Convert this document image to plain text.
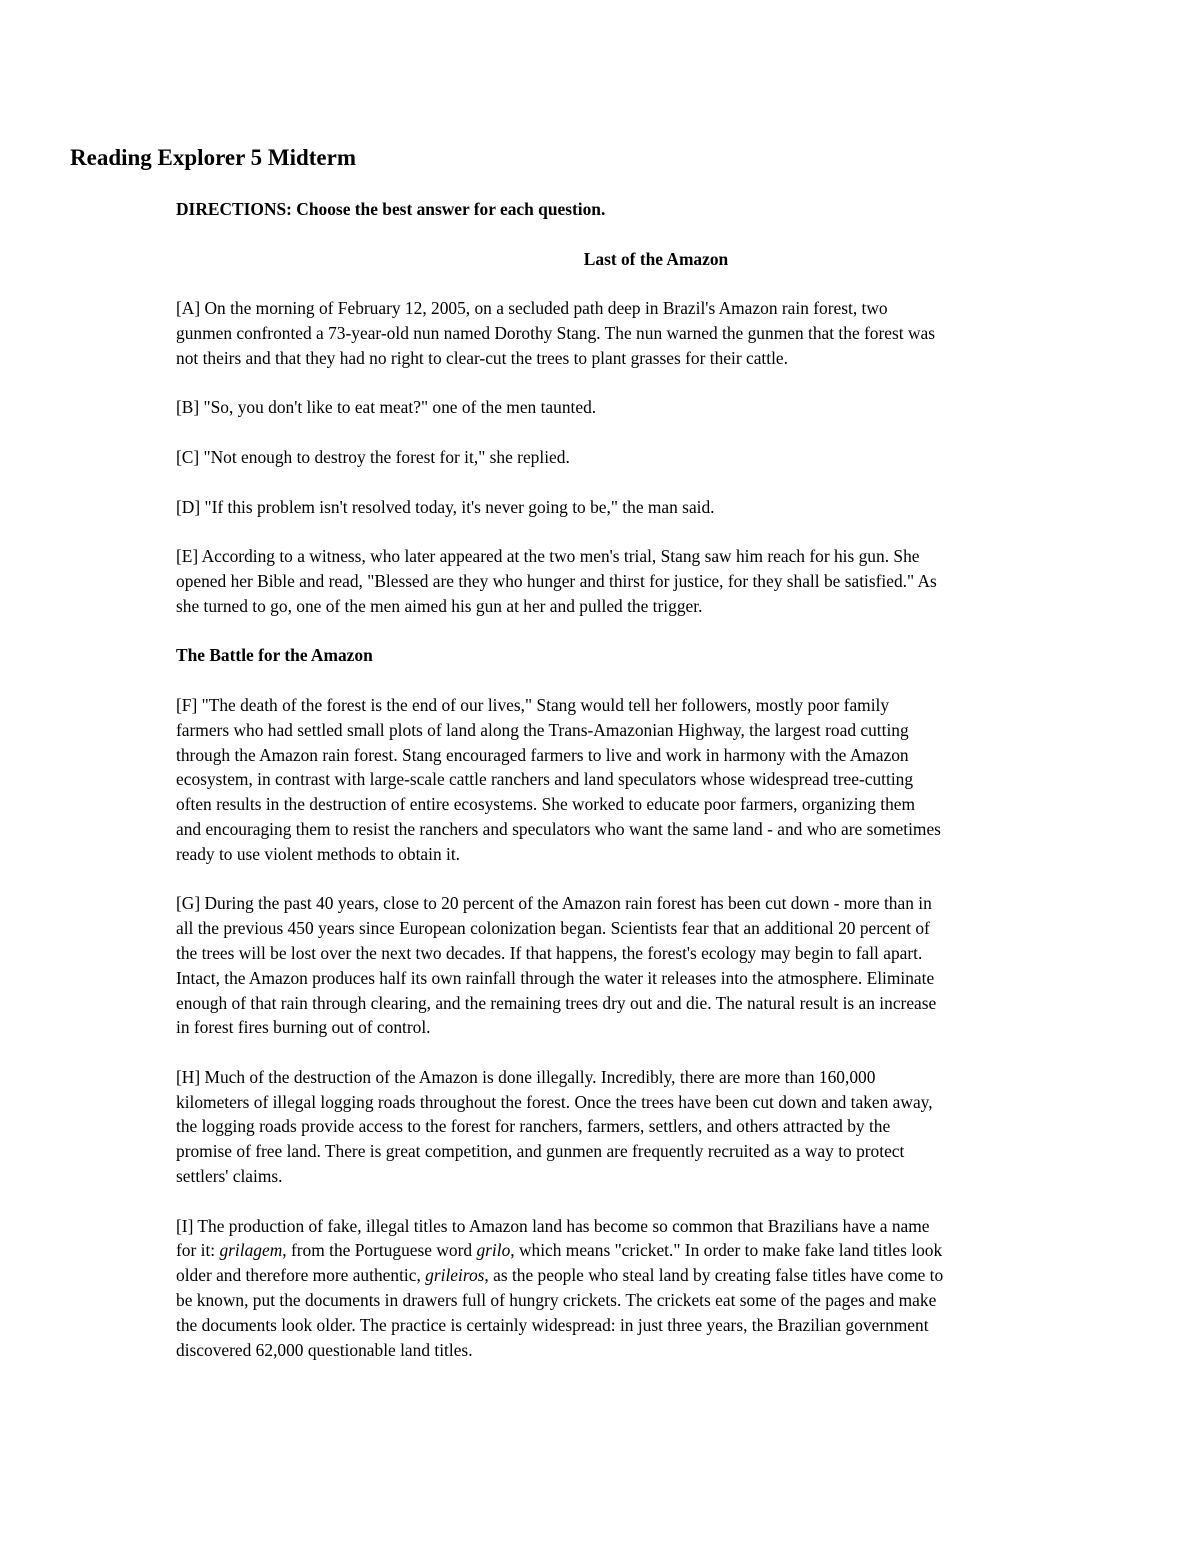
Reading Explorer 5 Midterm

DIRECTIONS: Choose the best answer for each question.

Last of the Amazon

[A] On the morning of February 12, 2005, on a secluded path deep in Brazil's Amazon rain forest, two
gunmen confronted a 73-year-old nun named Dorothy Stang. The nun warned the gunmen that the forest was
not theirs and that they had no right to clear-cut the trees to plant grasses for their cattle.

[B] "So, you don't like to eat meat?" one of the men taunted.

[C] "Not enough to destroy the forest for it," she replied.

[D] "If this problem isn't resolved today, it's never going to be," the man said.

[E] According to a witness, who later appeared at the two men's trial, Stang saw him reach for his gun. She
opened her Bible and read, "Blessed are they who hunger and thirst for justice, for they shall be satisfied." As
she turned to go, one of the men aimed his gun at her and pulled the trigger.

The Battle for the Amazon

[F] "The death of the forest is the end of our lives," Stang would tell her followers, mostly poor family
farmers who had settled small plots of land along the Trans-Amazonian Highway, the largest road cutting
through the Amazon rain forest. Stang encouraged farmers to live and work in harmony with the Amazon
ecosystem, in contrast with large-scale cattle ranchers and land speculators whose widespread tree-cutting
often results in the destruction of entire ecosystems. She worked to educate poor farmers, organizing them
and encouraging them to resist the ranchers and speculators who want the same land - and who are sometimes
ready to use violent methods to obtain it.

[G] During the past 40 years, close to 20 percent of the Amazon rain forest has been cut down - more than in
all the previous 450 years since European colonization began. Scientists fear that an additional 20 percent of
the trees will be lost over the next two decades. If that happens, the forest's ecology may begin to fall apart.
Intact, the Amazon produces half its own rainfall through the water it releases into the atmosphere. Eliminate
enough of that rain through clearing, and the remaining trees dry out and die. The natural result is an increase
in forest fires burning out of control.

[H] Much of the destruction of the Amazon is done illegally. Incredibly, there are more than 160,000
kilometers of illegal logging roads throughout the forest. Once the trees have been cut down and taken away,
the logging roads provide access to the forest for ranchers, farmers, settlers, and others attracted by the
promise of free land. There is great competition, and gunmen are frequently recruited as a way to protect
settlers' claims.

[I] The production of fake, illegal titles to Amazon land has become so common that Brazilians have a name
for it: grilagem, from the Portuguese word grilo, which means "cricket." In order to make fake land titles look
older and therefore more authentic, grileiros, as the people who steal land by creating false titles have come to
be known, put the documents in drawers full of hungry crickets. The crickets eat some of the pages and make
the documents look older. The practice is certainly widespread: in just three years, the Brazilian government
discovered 62,000 questionable land titles.
